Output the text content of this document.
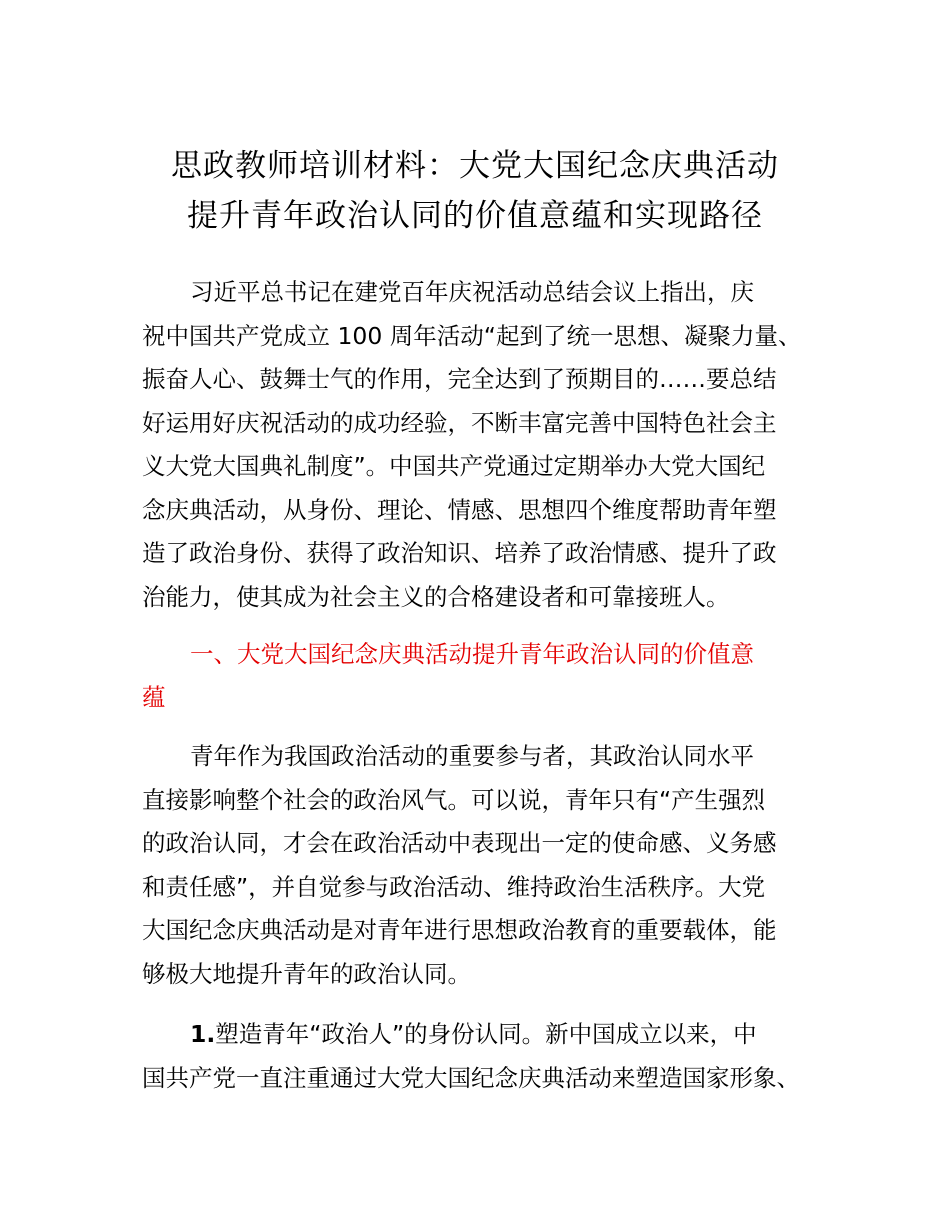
思政教师培训材料：大党大国纪念庆典活动
提升青年政治认同的价值意蕴和实现路径
习近平总书记在建党百年庆祝活动总结会议上指出，庆
祝中国共产党成立 100 周年活动“起到了统一思想、凝聚力量、
振奋人心、鼓舞士气的作用，完全达到了预期目的……要总结
好运用好庆祝活动的成功经验，不断丰富完善中国特色社会主
义大党大国典礼制度”。中国共产党通过定期举办大党大国纪
念庆典活动，从身份、理论、情感、思想四个维度帮助青年塑
造了政治身份、获得了政治知识、培养了政治情感、提升了政
治能力，使其成为社会主义的合格建设者和可靠接班人。
一、大党大国纪念庆典活动提升青年政治认同的价值意
蕴
青年作为我国政治活动的重要参与者，其政治认同水平
直接影响整个社会的政治风气。可以说，青年只有“产生强烈
的政治认同，才会在政治活动中表现出一定的使命感、义务感
和责任感”，并自觉参与政治活动、维持政治生活秩序。大党
大国纪念庆典活动是对青年进行思想政治教育的重要载体，能
够极大地提升青年的政治认同。
1.塑造青年“政治人”的身份认同。新中国成立以来，中
国共产党一直注重通过大党大国纪念庆典活动来塑造国家形象、
